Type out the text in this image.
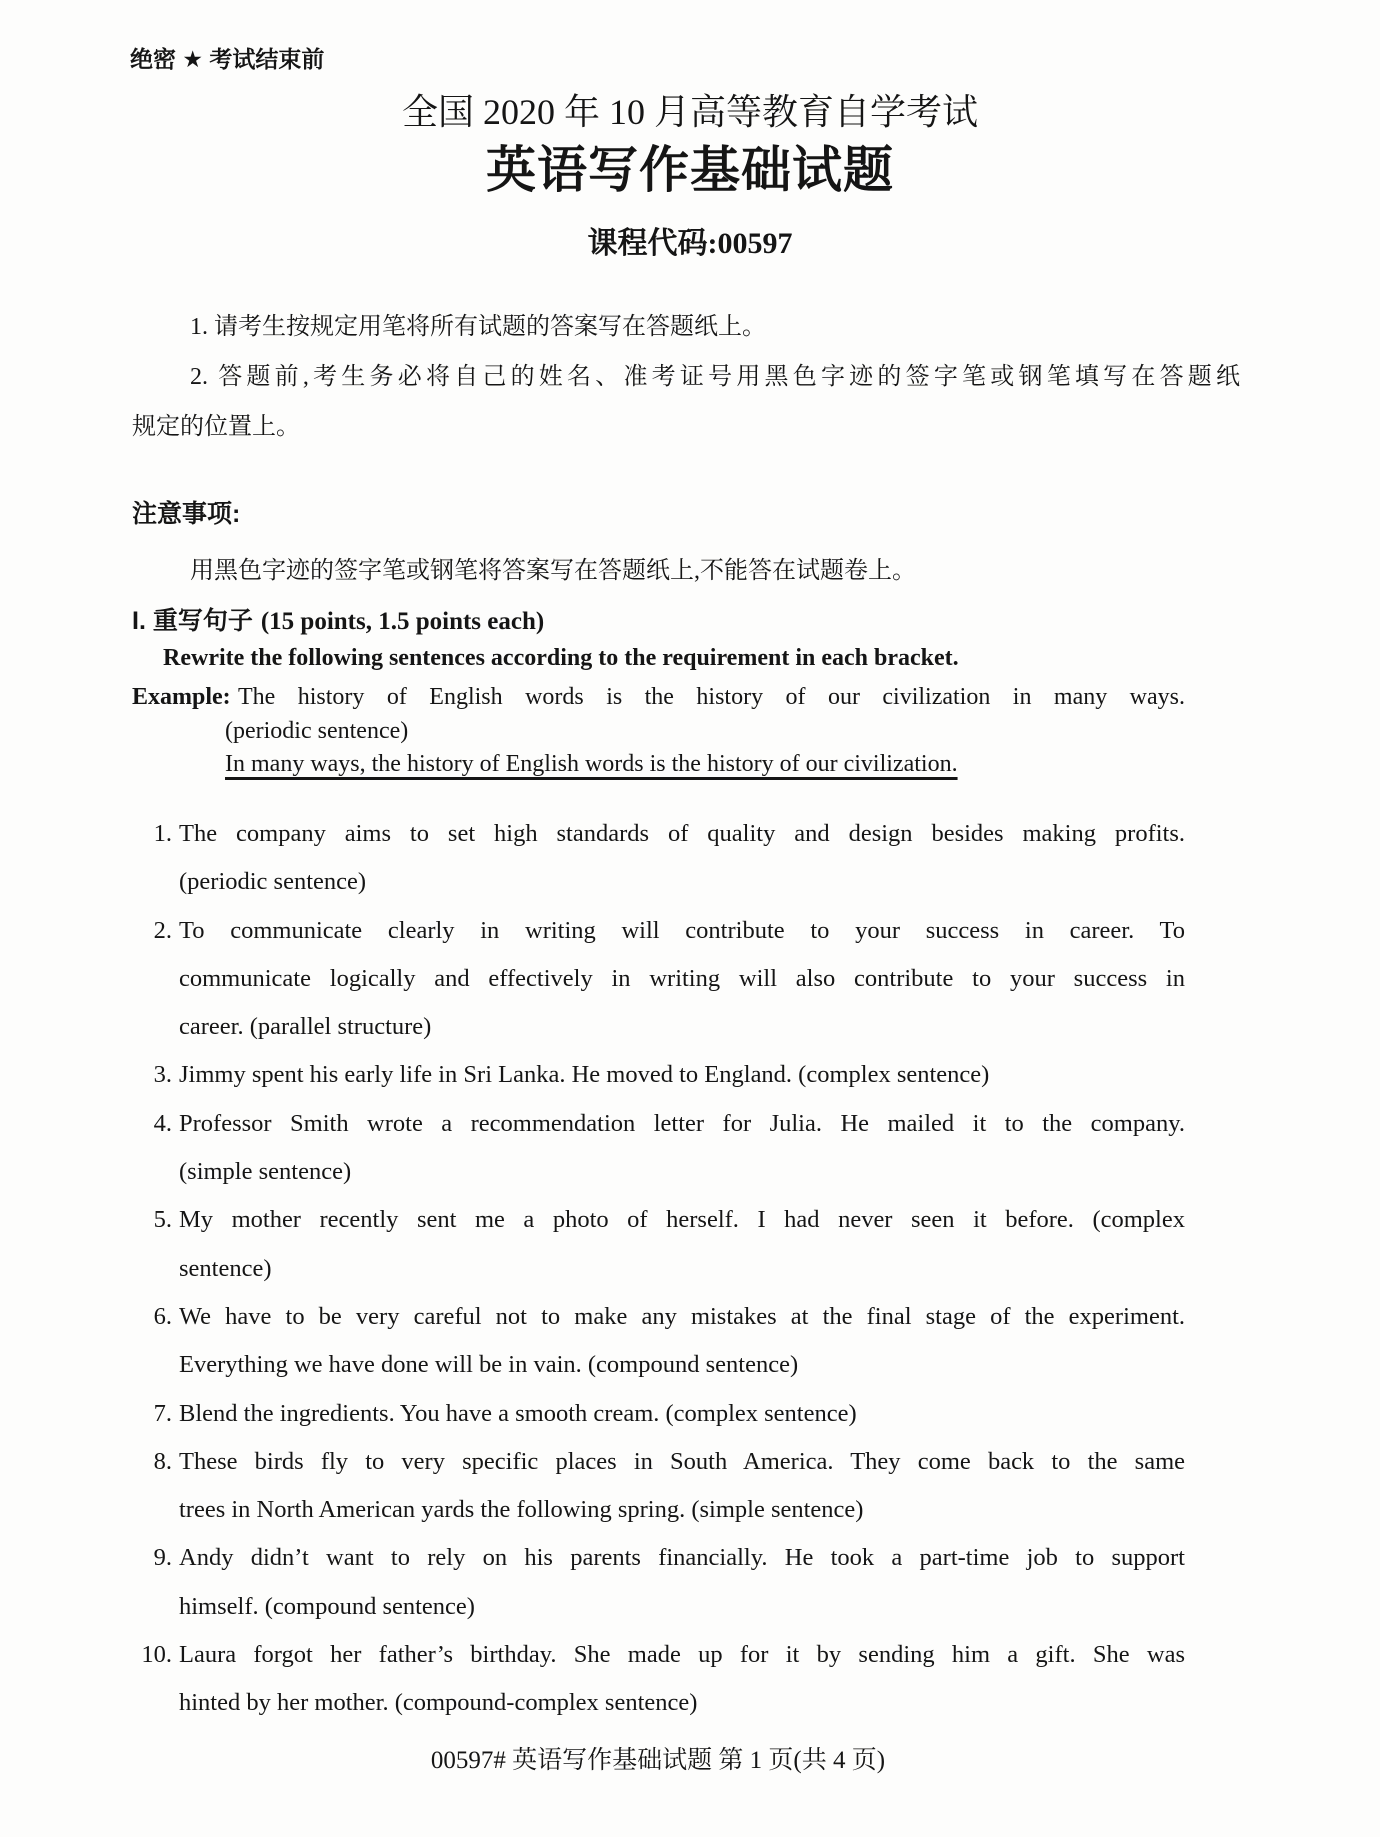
绝密 ★ 考试结束前
全国 2020 年 10 月高等教育自学考试
英语写作基础试题
课程代码:00597
1. 请考生按规定用笔将所有试题的答案写在答题纸上。
2. 答题前,考生务必将自己的姓名、准考证号用黑色字迹的签字笔或钢笔填写在答题纸
规定的位置上。
注意事项:
用黑色字迹的签字笔或钢笔将答案写在答题纸上,不能答在试题卷上。
I. 重写句子 (15 points, 1.5 points each)
Rewrite the following sentences according to the requirement in each bracket.
Example: The history of English words is the history of our civilization in many ways.
(periodic sentence)
In many ways, the history of English words is the history of our civilization.
1. The company aims to set high standards of quality and design besides making profits.
(periodic sentence)
2. To communicate clearly in writing will contribute to your success in career. To
communicate logically and effectively in writing will also contribute to your success in
career. (parallel structure)
3. Jimmy spent his early life in Sri Lanka. He moved to England. (complex sentence)
4. Professor Smith wrote a recommendation letter for Julia. He mailed it to the company.
(simple sentence)
5. My mother recently sent me a photo of herself. I had never seen it before. (complex
sentence)
6. We have to be very careful not to make any mistakes at the final stage of the experiment.
Everything we have done will be in vain. (compound sentence)
7. Blend the ingredients. You have a smooth cream. (complex sentence)
8. These birds fly to very specific places in South America. They come back to the same
trees in North American yards the following spring. (simple sentence)
9. Andy didn’t want to rely on his parents financially. He took a part-time job to support
himself. (compound sentence)
10. Laura forgot her father’s birthday. She made up for it by sending him a gift. She was
hinted by her mother. (compound-complex sentence)
00597# 英语写作基础试题 第 1 页(共 4 页)
